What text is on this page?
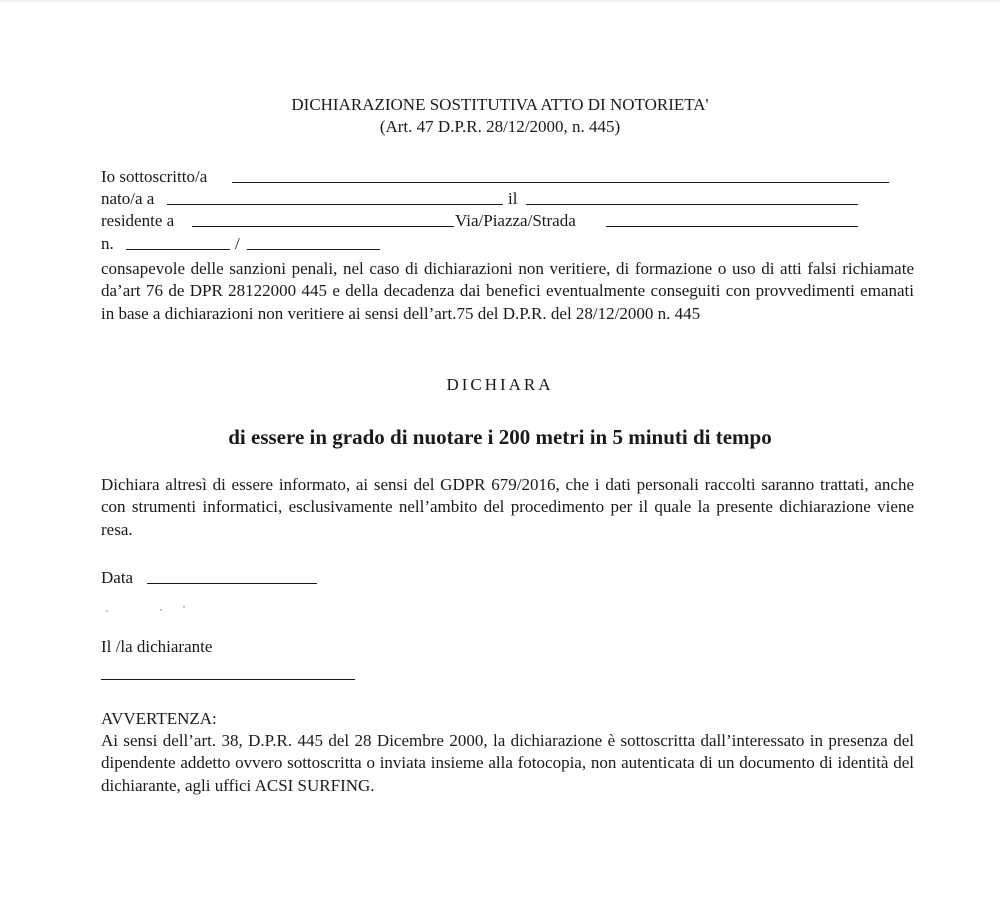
DICHIARAZIONE SOSTITUTIVA ATTO DI NOTORIETA'
(Art. 47 D.P.R. 28/12/2000, n. 445)
Io sottoscritto/a
nato/a a	il
residente a	Via/Piazza/Strada
n.	/
consapevole delle sanzioni penali, nel caso di dichiarazioni non veritiere, di formazione o uso di atti falsi richiamate da’art 76 de DPR 28122000 445 e della decadenza dai benefici eventualmente conseguiti con provvedimenti emanati in base a dichiarazioni non veritiere ai sensi dell’art.75 del D.P.R. del 28/12/2000 n. 445
DICHIARA
di essere in grado di nuotare i 200 metri in 5 minuti di tempo
Dichiara altresì di essere informato, ai sensi del GDPR 679/2016, che i dati personali raccolti saranno trattati, anche con strumenti informatici, esclusivamente nell’ambito del procedimento per il quale la presente dichiarazione viene resa.
Data
Il /la dichiarante
AVVERTENZA:
Ai sensi dell’art. 38, D.P.R. 445 del 28 Dicembre 2000, la dichiarazione è sottoscritta dall’interessato in presenza del dipendente addetto ovvero sottoscritta o inviata insieme alla fotocopia, non autenticata di un documento di identità del dichiarante, agli uffici ACSI SURFING.
